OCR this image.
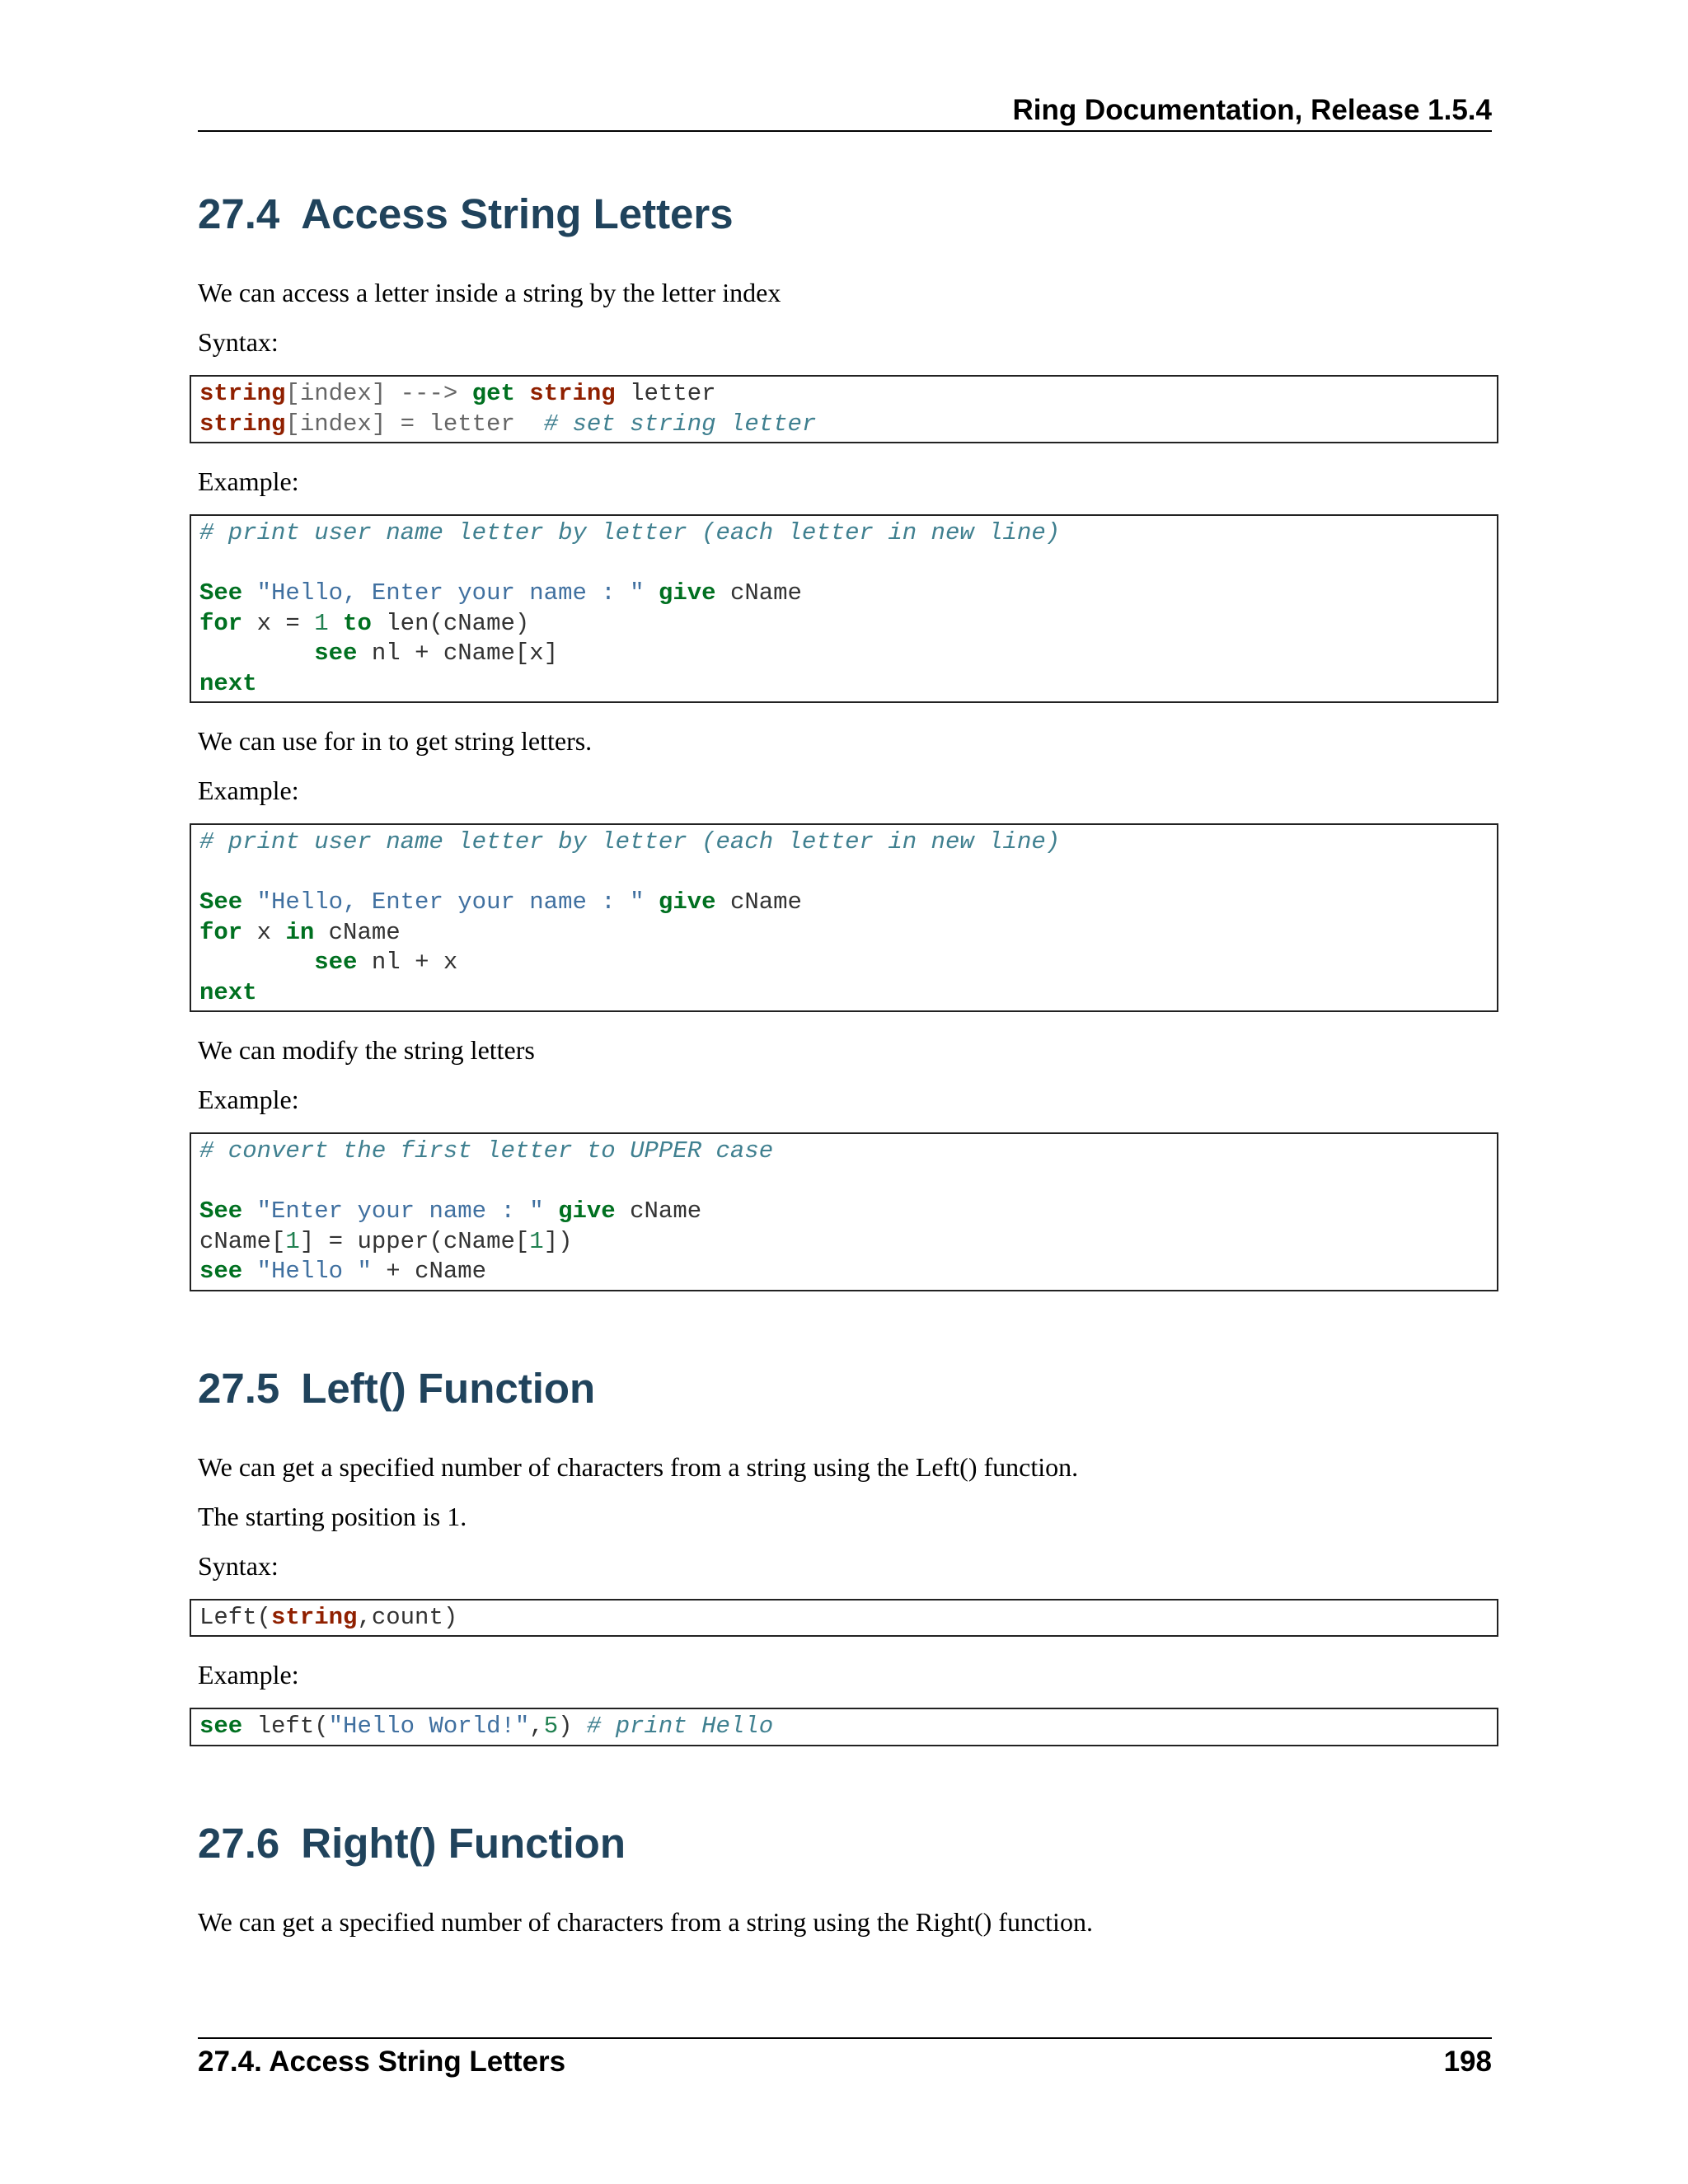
Ring Documentation, Release 1.5.4
27.4 Access String Letters

We can access a letter inside a string by the letter index

Syntax:

string[index] ---> get string letter
string[index] = letter  # set string letter

Example:

# print user name letter by letter (each letter in new line)
See "Hello, Enter your name : " give cName
for x = 1 to len(cName)
see nl + cName[x]
next

We can use for in to get string letters.

Example:

# print user name letter by letter (each letter in new line)
See "Hello, Enter your name : " give cName
for x in cName
see nl + x
next

We can modify the string letters

Example:

# convert the first letter to UPPER case
See "Enter your name : " give cName
cName[1] = upper(cName[1])
see "Hello " + cName
27.5 Left() Function

We can get a specified number of characters from a string using the Left() function.

The starting position is 1.

Syntax:

Left(string,count)

Example:

see left("Hello World!",5) # print Hello
27.6 Right() Function

We can get a specified number of characters from a string using the Right() function.

27.4. Access String Letters	198
